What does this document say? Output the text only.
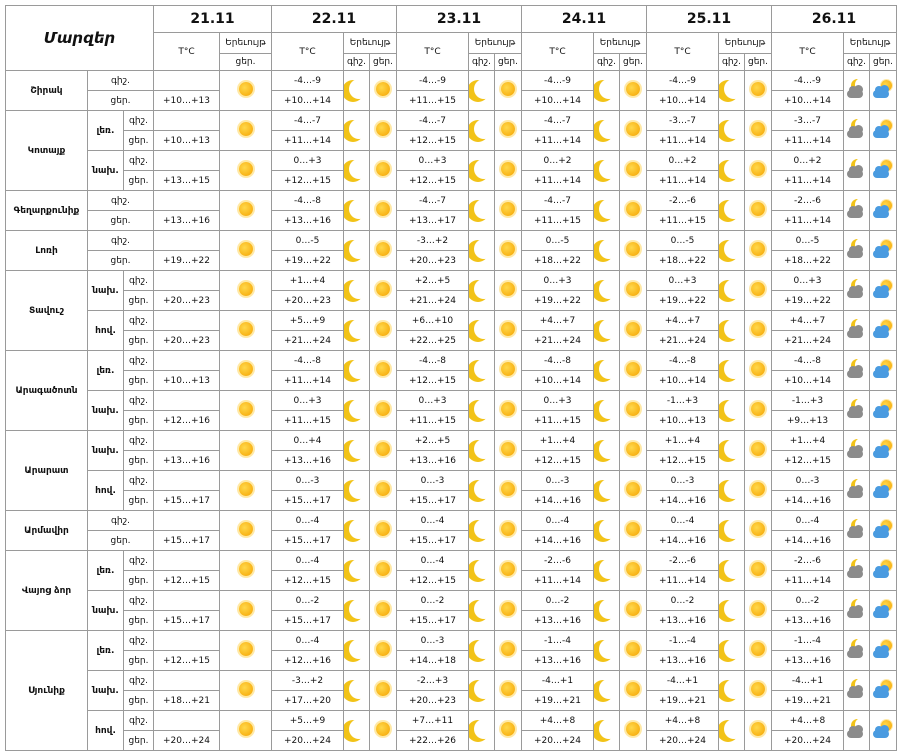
Մարզեր			21.11		22.11			23.11			24.11			25.11			26.11		
			T°C	Երեւույթ	T°C	Երեւույթ		T°C	Երեւույթ		T°C	Երեւույթ		T°C	Երեւույթ		T°C	Երեւույթ	
				ցեր.		գիշ.	ցեր.		գիշ.	ցեր.		գիշ.	ցեր.		գիշ.	ցեր.		գիշ.	ցեր.
Շիրակ	գիշ.				-4…-9			-4…-9			-4…-9			-4…-9			-4…-9	

	ցեր.		+10…+13		+10…+14			+11…+15			+10…+14			+10…+14			+10…+14		
Կոտայք	լեռ.	գիշ.			-4…-7			-4…-7			-4…-7			-3…-7			-3…-7	

		ցեր.	+10…+13		+11…+14			+12…+15			+11…+14			+11…+14			+11…+14		
	նախ.	գիշ.			0…+3			0…+3			0…+2			0…+2			0…+2	

		ցեր.	+13…+15		+12…+15			+12…+15			+11…+14			+11…+14			+11…+14		
Գեղարքունիք	գիշ.				-4…-8			-4…-7			-4…-7			-2…-6			-2…-6	

	ցեր.		+13…+16		+13…+16			+13…+17			+11…+15			+11…+15			+11…+14		
Լոռի	գիշ.				0…-5			-3…+2			0…-5			0…-5			0…-5	

	ցեր.		+19…+22		+19…+22			+20…+23			+18…+22			+18…+22			+18…+22		
Տավուշ	նախ.	գիշ.			+1…+4			+2…+5			0…+3			0…+3			0…+3	

		ցեր.	+20…+23		+20…+23			+21…+24			+19…+22			+19…+22			+19…+22		
	հով.	գիշ.			+5…+9			+6…+10			+4…+7			+4…+7			+4…+7	

		ցեր.	+20…+23		+21…+24			+22…+25			+21…+24			+21…+24			+21…+24		
Արագածոտն	լեռ.	գիշ.			-4…-8			-4…-8			-4…-8			-4…-8			-4…-8	

		ցեր.	+10…+13		+11…+14			+12…+15			+10…+14			+10…+14			+10…+14		
	նախ.	գիշ.			0…+3			0…+3			0…+3			-1…+3			-1…+3	

		ցեր.	+12…+16		+11…+15			+11…+15			+11…+15			+10…+13			+9…+13		
Արարատ	նախ.	գիշ.			0…+4			+2…+5			+1…+4			+1…+4			+1…+4	

		ցեր.	+13…+16		+13…+16			+13…+16			+12…+15			+12…+15			+12…+15		
	հով.	գիշ.			0…-3			0…-3			0…-3			0…-3			0…-3	

		ցեր.	+15…+17		+15…+17			+15…+17			+14…+16			+14…+16			+14…+16		
Արմավիր	գիշ.				0…-4			0…-4			0…-4			0…-4			0…-4	

	ցեր.		+15…+17		+15…+17			+15…+17			+14…+16			+14…+16			+14…+16		
Վայոց ձոր	լեռ.	գիշ.			0…-4			0…-4			-2…-6			-2…-6			-2…-6	

		ցեր.	+12…+15		+12…+15			+12…+15			+11…+14			+11…+14			+11…+14		
	նախ.	գիշ.			0…-2			0…-2			0…-2			0…-2			0…-2	

		ցեր.	+15…+17		+15…+17			+15…+17			+13…+16			+13…+16			+13…+16		
Սյունիք	լեռ.	գիշ.			0…-4			0…-3			-1…-4			-1…-4			-1…-4	

		ցեր.	+12…+15		+12…+16			+14…+18			+13…+16			+13…+16			+13…+16		
	նախ.	գիշ.			-3…+2			-2…+3			-4…+1			-4…+1			-4…+1	

		ցեր.	+18…+21		+17…+20			+20…+23			+19…+21			+19…+21			+19…+21		
	հով.	գիշ.			+5…+9			+7…+11			+4…+8			+4…+8			+4…+8	

		ցեր.	+20…+24		+20…+24			+22…+26			+20…+24			+20…+24			+20…+24		
